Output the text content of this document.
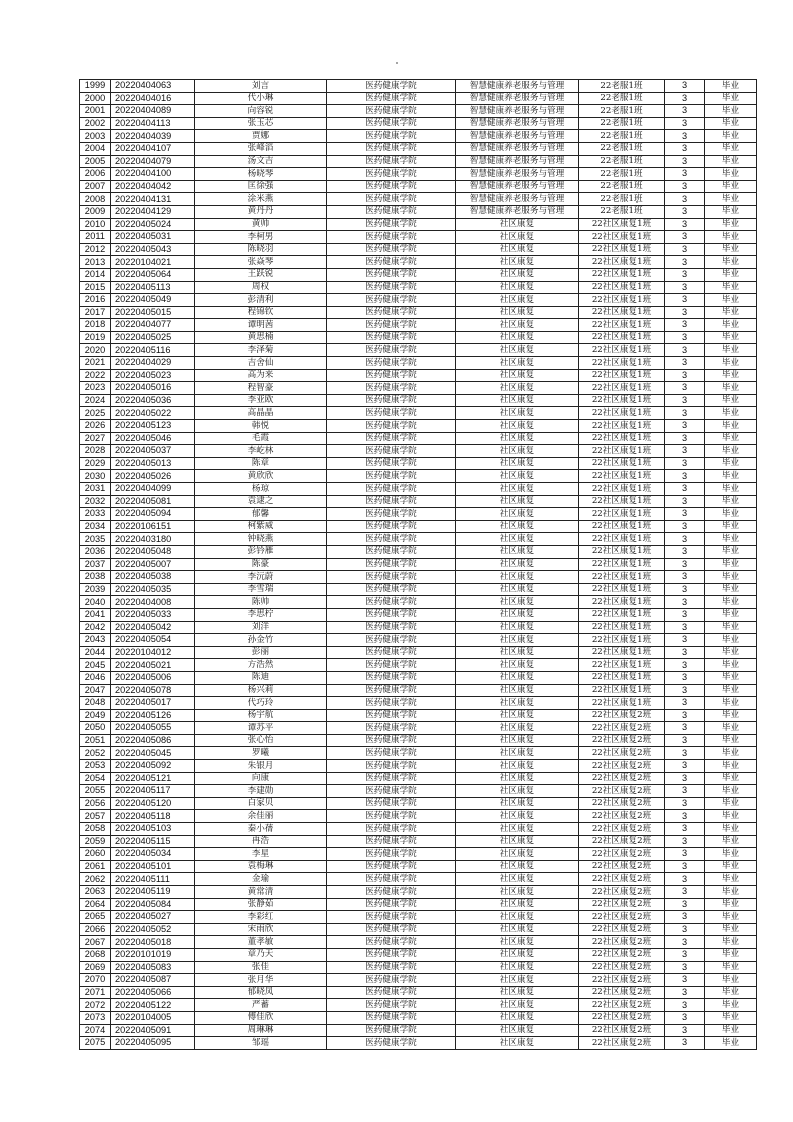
1999	20220404063	刘言	医药健康学院	智慧健康养老服务与管理	22老服1班	3	毕业
2000	20220404016	代小琳	医药健康学院	智慧健康养老服务与管理	22老服1班	3	毕业
2001	20220404089	向容锐	医药健康学院	智慧健康养老服务与管理	22老服1班	3	毕业
2002	20220404113	张玉芯	医药健康学院	智慧健康养老服务与管理	22老服1班	3	毕业
2003	20220404039	贾娜	医药健康学院	智慧健康养老服务与管理	22老服1班	3	毕业
2004	20220404107	张峰滔	医药健康学院	智慧健康养老服务与管理	22老服1班	3	毕业
2005	20220404079	汤文吉	医药健康学院	智慧健康养老服务与管理	22老服1班	3	毕业
2006	20220404100	杨晓琴	医药健康学院	智慧健康养老服务与管理	22老服1班	3	毕业
2007	20220404042	匡徐强	医药健康学院	智慧健康养老服务与管理	22老服1班	3	毕业
2008	20220404131	涂米燕	医药健康学院	智慧健康养老服务与管理	22老服1班	3	毕业
2009	20220404129	黄丹丹	医药健康学院	智慧健康养老服务与管理	22老服1班	3	毕业
2010	20220405024	黄帅	医药健康学院	社区康复	22社区康复1班	3	毕业
2011	20220405031	李柯男	医药健康学院	社区康复	22社区康复1班	3	毕业
2012	20220405043	陈晓羽	医药健康学院	社区康复	22社区康复1班	3	毕业
2013	20220104021	张焱琴	医药健康学院	社区康复	22社区康复1班	3	毕业
2014	20220405064	王跃锐	医药健康学院	社区康复	22社区康复1班	3	毕业
2015	20220405113	周权	医药健康学院	社区康复	22社区康复1班	3	毕业
2016	20220405049	彭清利	医药健康学院	社区康复	22社区康复1班	3	毕业
2017	20220405015	程锦钦	医药健康学院	社区康复	22社区康复1班	3	毕业
2018	20220404077	谭明茜	医药健康学院	社区康复	22社区康复1班	3	毕业
2019	20220405025	黄思楠	医药健康学院	社区康复	22社区康复1班	3	毕业
2020	20220405116	李泽菊	医药健康学院	社区康复	22社区康复1班	3	毕业
2021	20220404029	吉舍仙	医药健康学院	社区康复	22社区康复1班	3	毕业
2022	20220405023	高为来	医药健康学院	社区康复	22社区康复1班	3	毕业
2023	20220405016	程智豪	医药健康学院	社区康复	22社区康复1班	3	毕业
2024	20220405036	李亚欧	医药健康学院	社区康复	22社区康复1班	3	毕业
2025	20220405022	高晶晶	医药健康学院	社区康复	22社区康复1班	3	毕业
2026	20220405123	韩悦	医药健康学院	社区康复	22社区康复1班	3	毕业
2027	20220405046	毛霞	医药健康学院	社区康复	22社区康复1班	3	毕业
2028	20220405037	李屹林	医药健康学院	社区康复	22社区康复1班	3	毕业
2029	20220405013	陈章	医药健康学院	社区康复	22社区康复1班	3	毕业
2030	20220405026	黄欣欣	医药健康学院	社区康复	22社区康复1班	3	毕业
2031	20220404099	杨琼	医药健康学院	社区康复	22社区康复1班	3	毕业
2032	20220405081	袁逮之	医药健康学院	社区康复	22社区康复1班	3	毕业
2033	20220405094	郁馨	医药健康学院	社区康复	22社区康复1班	3	毕业
2034	20220106151	柯紫威	医药健康学院	社区康复	22社区康复1班	3	毕业
2035	20220403180	钟晓燕	医药健康学院	社区康复	22社区康复1班	3	毕业
2036	20220405048	彭钤雁	医药健康学院	社区康复	22社区康复1班	3	毕业
2037	20220405007	陈豪	医药健康学院	社区康复	22社区康复1班	3	毕业
2038	20220405038	李沅蔚	医药健康学院	社区康复	22社区康复1班	3	毕业
2039	20220405035	李雪瑞	医药健康学院	社区康复	22社区康复1班	3	毕业
2040	20220404008	陈帅	医药健康学院	社区康复	22社区康复1班	3	毕业
2041	20220405033	李思柠	医药健康学院	社区康复	22社区康复1班	3	毕业
2042	20220405042	刘洋	医药健康学院	社区康复	22社区康复1班	3	毕业
2043	20220405054	孙金竹	医药健康学院	社区康复	22社区康复1班	3	毕业
2044	20220104012	彭丽	医药健康学院	社区康复	22社区康复1班	3	毕业
2045	20220405021	方浩然	医药健康学院	社区康复	22社区康复1班	3	毕业
2046	20220405006	陈迪	医药健康学院	社区康复	22社区康复1班	3	毕业
2047	20220405078	杨兴莉	医药健康学院	社区康复	22社区康复1班	3	毕业
2048	20220405017	代巧玲	医药健康学院	社区康复	22社区康复1班	3	毕业
2049	20220405126	杨宇航	医药健康学院	社区康复	22社区康复2班	3	毕业
2050	20220405055	谭苏平	医药健康学院	社区康复	22社区康复2班	3	毕业
2051	20220405086	张心怡	医药健康学院	社区康复	22社区康复2班	3	毕业
2052	20220405045	罗曦	医药健康学院	社区康复	22社区康复2班	3	毕业
2053	20220405092	朱银月	医药健康学院	社区康复	22社区康复2班	3	毕业
2054	20220405121	向康	医药健康学院	社区康复	22社区康复2班	3	毕业
2055	20220405117	李建勋	医药健康学院	社区康复	22社区康复2班	3	毕业
2056	20220405120	白家贝	医药健康学院	社区康复	22社区康复2班	3	毕业
2057	20220405118	余佳丽	医药健康学院	社区康复	22社区康复2班	3	毕业
2058	20220405103	秦小蒨	医药健康学院	社区康复	22社区康复2班	3	毕业
2059	20220405115	冉浩	医药健康学院	社区康复	22社区康复2班	3	毕业
2060	20220405034	李星	医药健康学院	社区康复	22社区康复2班	3	毕业
2061	20220405101	袁梅琳	医药健康学院	社区康复	22社区康复2班	3	毕业
2062	20220405111	金瑜	医药健康学院	社区康复	22社区康复2班	3	毕业
2063	20220405119	黄常清	医药健康学院	社区康复	22社区康复2班	3	毕业
2064	20220405084	张静茹	医药健康学院	社区康复	22社区康复2班	3	毕业
2065	20220405027	李彩红	医药健康学院	社区康复	22社区康复2班	3	毕业
2066	20220405052	宋雨欣	医药健康学院	社区康复	22社区康复2班	3	毕业
2067	20220405018	董孝敏	医药健康学院	社区康复	22社区康复2班	3	毕业
2068	20220101019	章乃天	医药健康学院	社区康复	22社区康复2班	3	毕业
2069	20220405083	张佳	医药健康学院	社区康复	22社区康复2班	3	毕业
2070	20220405087	张月华	医药健康学院	社区康复	22社区康复2班	3	毕业
2071	20220405066	郁晓凤	医药健康学院	社区康复	22社区康复2班	3	毕业
2072	20220405122	严蓄	医药健康学院	社区康复	22社区康复2班	3	毕业
2073	20220104005	傅佳欣	医药健康学院	社区康复	22社区康复2班	3	毕业
2074	20220405091	周琳琳	医药健康学院	社区康复	22社区康复2班	3	毕业
2075	20220405095	邹瑶	医药健康学院	社区康复	22社区康复2班	3	毕业
